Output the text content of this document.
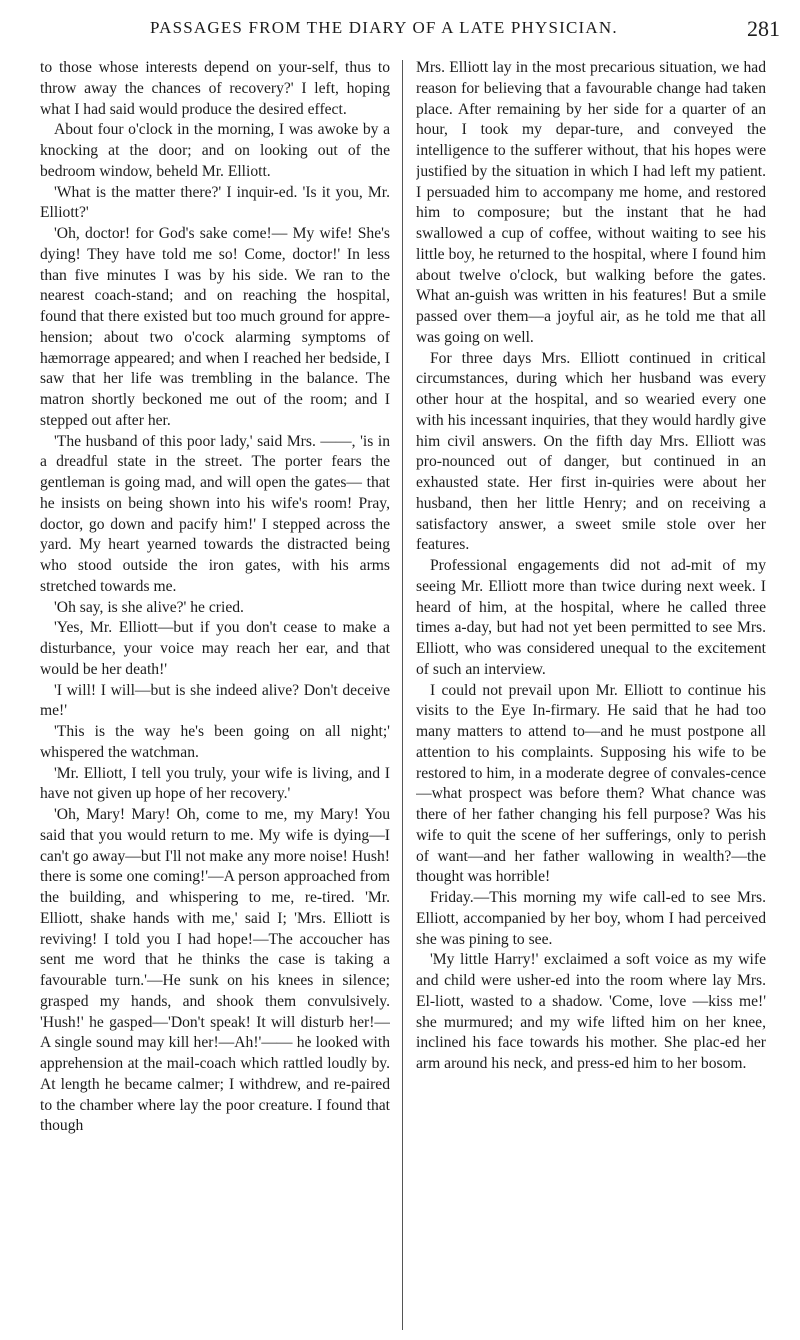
PASSAGES FROM THE DIARY OF A LATE PHYSICIAN.	281

to those whose interests depend on your-self, thus to throw away the chances of recovery?' I left, hoping what I had said would produce the desired effect.

About four o'clock in the morning, I was awoke by a knocking at the door; and on looking out of the bedroom window, beheld Mr. Elliott.

'What is the matter there?' I inquir-ed. 'Is it you, Mr. Elliott?'

'Oh, doctor! for God's sake come!— My wife! She's dying! They have told me so! Come, doctor!' In less than five minutes I was by his side. We ran to the nearest coach-stand; and on reaching the hospital, found that there existed but too much ground for appre-hension; about two o'cock alarming symptoms of hæmorrage appeared; and when I reached her bedside, I saw that her life was trembling in the balance. The matron shortly beckoned me out of the room; and I stepped out after her.

'The husband of this poor lady,' said Mrs. ——, 'is in a dreadful state in the street. The porter fears the gentleman is going mad, and will open the gates— that he insists on being shown into his wife's room! Pray, doctor, go down and pacify him!' I stepped across the yard. My heart yearned towards the distracted being who stood outside the iron gates, with his arms stretched towards me.

'Oh say, is she alive?' he cried.

'Yes, Mr. Elliott—but if you don't cease to make a disturbance, your voice may reach her ear, and that would be her death!'

'I will! I will—but is she indeed alive? Don't deceive me!'

'This is the way he's been going on all night;' whispered the watchman.

'Mr. Elliott, I tell you truly, your wife is living, and I have not given up hope of her recovery.'

'Oh, Mary! Mary! Oh, come to me, my Mary! You said that you would return to me. My wife is dying—I can't go away—but I'll not make any more noise! Hush! there is some one coming!'—A person approached from the building, and whispering to me, re-tired. 'Mr. Elliott, shake hands with me,' said I; 'Mrs. Elliott is reviving! I told you I had hope!—The accoucher has sent me word that he thinks the case is taking a favourable turn.'—He sunk on his knees in silence; grasped my hands, and shook them convulsively. 'Hush!' he gasped—'Don't speak! It will disturb her!—A single sound may kill her!—Ah!'—— he looked with apprehension at the mail-coach which rattled loudly by. At length he became calmer; I withdrew, and re-paired to the chamber where lay the poor creature. I found that though

Mrs. Elliott lay in the most precarious situation, we had reason for believing that a favourable change had taken place. After remaining by her side for a quarter of an hour, I took my depar-ture, and conveyed the intelligence to the sufferer without, that his hopes were justified by the situation in which I had left my patient. I persuaded him to accompany me home, and restored him to composure; but the instant that he had swallowed a cup of coffee, without waiting to see his little boy, he returned to the hospital, where I found him about twelve o'clock, but walking before the gates. What an-guish was written in his features! But a smile passed over them—a joyful air, as he told me that all was going on well.

For three days Mrs. Elliott continued in critical circumstances, during which her husband was every other hour at the hospital, and so wearied every one with his incessant inquiries, that they would hardly give him civil answers. On the fifth day Mrs. Elliott was pro-nounced out of danger, but continued in an exhausted state. Her first in-quiries were about her husband, then her little Henry; and on receiving a satisfactory answer, a sweet smile stole over her features.

Professional engagements did not ad-mit of my seeing Mr. Elliott more than twice during next week. I heard of him, at the hospital, where he called three times a-day, but had not yet been permitted to see Mrs. Elliott, who was considered unequal to the excitement of such an interview.

I could not prevail upon Mr. Elliott to continue his visits to the Eye In-firmary. He said that he had too many matters to attend to—and he must postpone all attention to his complaints. Supposing his wife to be restored to him, in a moderate degree of convales-cence—what prospect was before them? What chance was there of her father changing his fell purpose? Was his wife to quit the scene of her sufferings, only to perish of want—and her father wallowing in wealth?—the thought was horrible!

Friday.—This morning my wife call-ed to see Mrs. Elliott, accompanied by her boy, whom I had perceived she was pining to see.

'My little Harry!' exclaimed a soft voice as my wife and child were usher-ed into the room where lay Mrs. El-liott, wasted to a shadow. 'Come, love —kiss me!' she murmured; and my wife lifted him on her knee, inclined his face towards his mother. She plac-ed her arm around his neck, and press-ed him to her bosom.
